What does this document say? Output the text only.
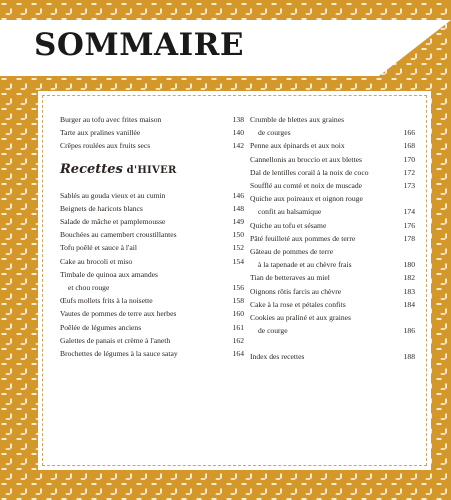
SOMMAIRE
Burger au tofu avec frites maison	138
Tarte aux pralines vanillée	140
Crêpes roulées aux fruits secs	142
Recettes d'HIVER
Sablés au gouda vieux et au cumin	146
Beignets de haricots blancs	148
Salade de mâche et pamplemousse	149
Bouchées au camembert croustillantes	150
Tofu poêlé et sauce à l'ail	152
Cake au brocoli et miso	154
Timbale de quinoa aux amandes
et chou rouge	156
Œufs mollets frits à la noisette	158
Vautes de pommes de terre aux herbes	160
Poêlée de légumes anciens	161
Galettes de panais et crème à l'aneth	162
Brochettes de légumes à la sauce satay	164
Crumble de blettes aux graines
de courges	166
Penne aux épinards et aux noix	168
Cannellonis au broccio et aux blettes	170
Dal de lentilles corail à la noix de coco	172
Soufflé au comté et noix de muscade	173
Quiche aux poireaux et oignon rouge
confit au balsamique	174
Quiche au tofu et sésame	176
Pâté feuilleté aux pommes de terre	178
Gâteau de pommes de terre
à la tapenade et au chèvre frais	180
Tian de betteraves au miel	182
Oignons rôtis farcis au chèvre	183
Cake à la rose et pétales confits	184
Cookies au praliné et aux graines
de courge	186
Index des recettes	188
